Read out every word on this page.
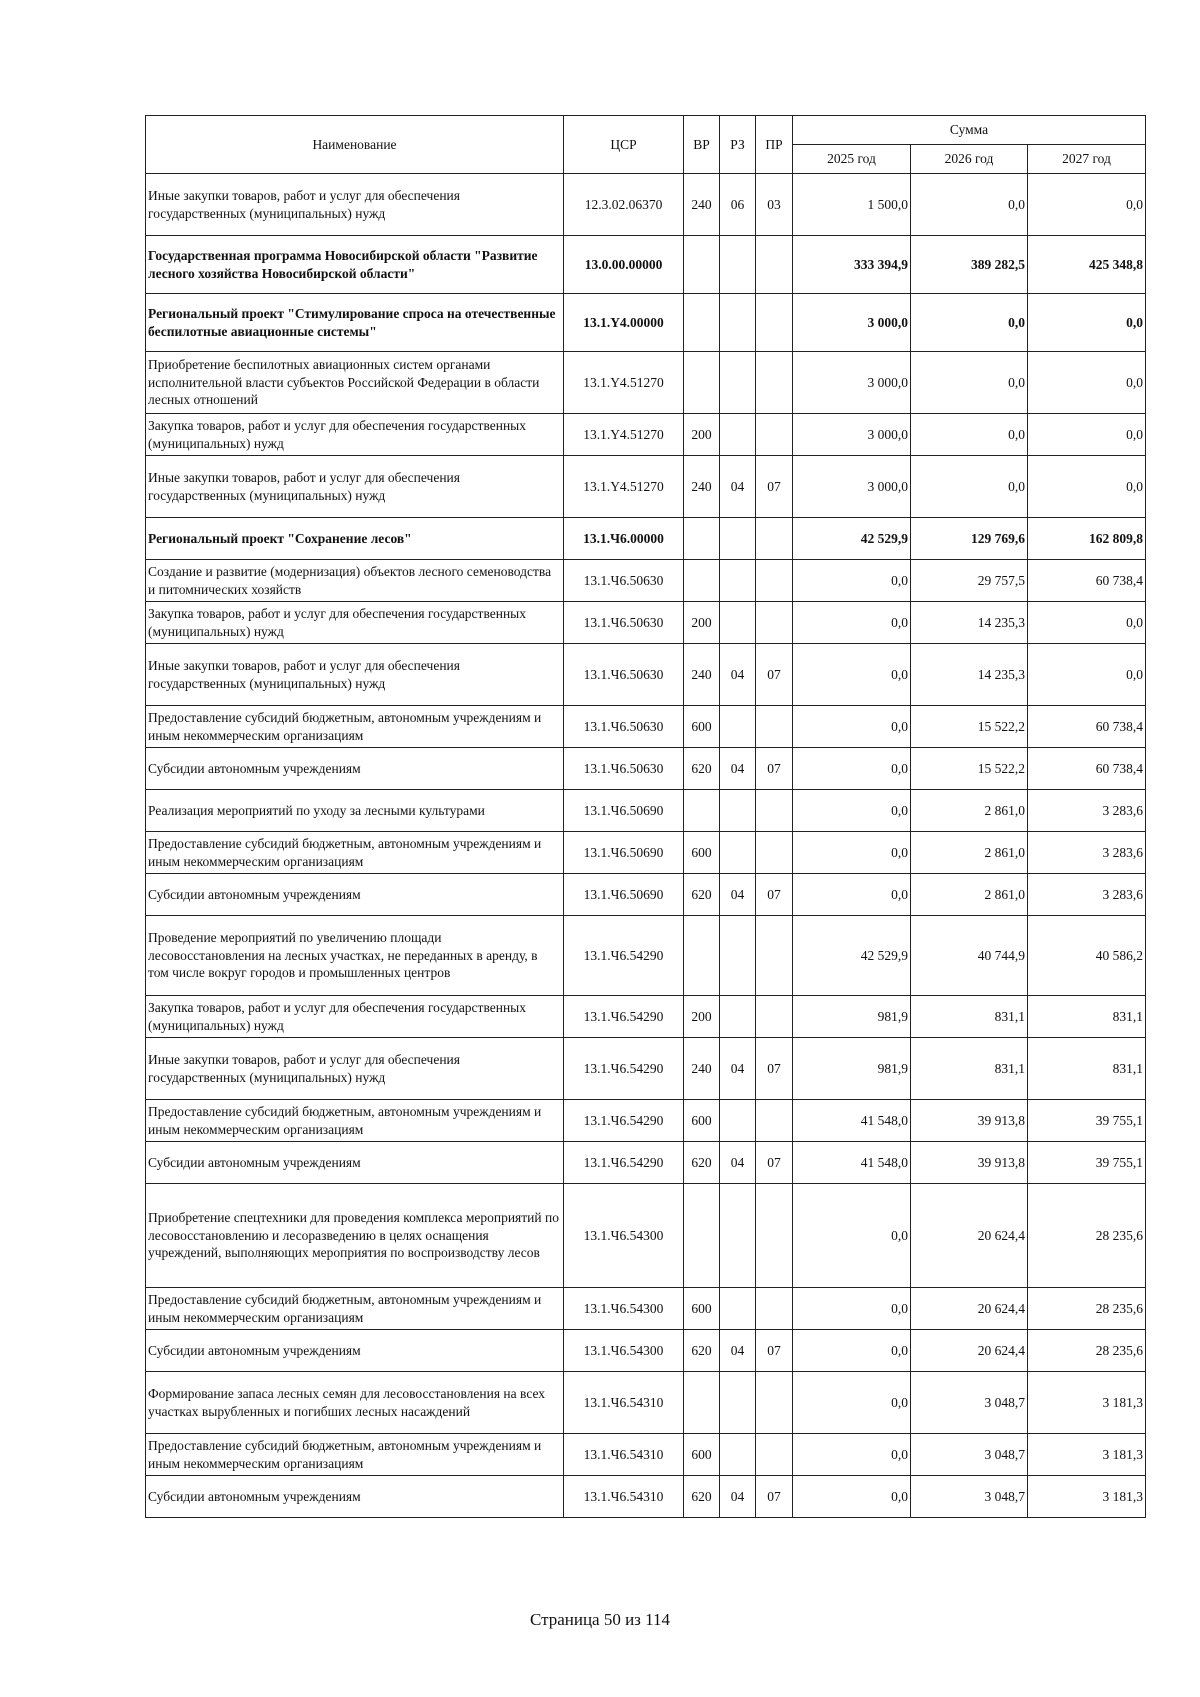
Наименование	ЦСР	ВР	РЗ	ПР	Сумма		
					2025 год	2026 год	2027 год
Иные закупки товаров, работ и услуг для обеспечения государственных (муниципальных) нужд	12.3.02.06370	240	06	03	1 500,0	0,0	0,0
Государственная программа Новосибирской области "Развитие лесного хозяйства Новосибирской области"	13.0.00.00000				333 394,9	389 282,5	425 348,8
Региональный проект "Стимулирование спроса на отечественные беспилотные авиационные системы"	13.1.Y4.00000				3 000,0	0,0	0,0
Приобретение беспилотных авиационных систем органами исполнительной власти субъектов Российской Федерации в области лесных отношений	13.1.Y4.51270				3 000,0	0,0	0,0
Закупка товаров, работ и услуг для обеспечения государственных (муниципальных) нужд	13.1.Y4.51270	200			3 000,0	0,0	0,0
Иные закупки товаров, работ и услуг для обеспечения государственных (муниципальных) нужд	13.1.Y4.51270	240	04	07	3 000,0	0,0	0,0
Региональный проект "Сохранение лесов"	13.1.Ч6.00000				42 529,9	129 769,6	162 809,8
Создание и развитие (модернизация) объектов лесного семеноводства и питомнических хозяйств	13.1.Ч6.50630				0,0	29 757,5	60 738,4
Закупка товаров, работ и услуг для обеспечения государственных (муниципальных) нужд	13.1.Ч6.50630	200			0,0	14 235,3	0,0
Иные закупки товаров, работ и услуг для обеспечения государственных (муниципальных) нужд	13.1.Ч6.50630	240	04	07	0,0	14 235,3	0,0
Предоставление субсидий бюджетным, автономным учреждениям и иным некоммерческим организациям	13.1.Ч6.50630	600			0,0	15 522,2	60 738,4
Субсидии автономным учреждениям	13.1.Ч6.50630	620	04	07	0,0	15 522,2	60 738,4
Реализация мероприятий по уходу за лесными культурами	13.1.Ч6.50690				0,0	2 861,0	3 283,6
Предоставление субсидий бюджетным, автономным учреждениям и иным некоммерческим организациям	13.1.Ч6.50690	600			0,0	2 861,0	3 283,6
Субсидии автономным учреждениям	13.1.Ч6.50690	620	04	07	0,0	2 861,0	3 283,6
Проведение мероприятий по увеличению площади лесовосстановления на лесных участках, не переданных в аренду, в том числе вокруг городов и промышленных центров	13.1.Ч6.54290				42 529,9	40 744,9	40 586,2
Закупка товаров, работ и услуг для обеспечения государственных (муниципальных) нужд	13.1.Ч6.54290	200			981,9	831,1	831,1
Иные закупки товаров, работ и услуг для обеспечения государственных (муниципальных) нужд	13.1.Ч6.54290	240	04	07	981,9	831,1	831,1
Предоставление субсидий бюджетным, автономным учреждениям и иным некоммерческим организациям	13.1.Ч6.54290	600			41 548,0	39 913,8	39 755,1
Субсидии автономным учреждениям	13.1.Ч6.54290	620	04	07	41 548,0	39 913,8	39 755,1
Приобретение спецтехники для проведения комплекса мероприятий по лесовосстановлению и лесоразведению в целях оснащения учреждений, выполняющих мероприятия по воспроизводству лесов	13.1.Ч6.54300				0,0	20 624,4	28 235,6
Предоставление субсидий бюджетным, автономным учреждениям и иным некоммерческим организациям	13.1.Ч6.54300	600			0,0	20 624,4	28 235,6
Субсидии автономным учреждениям	13.1.Ч6.54300	620	04	07	0,0	20 624,4	28 235,6
Формирование запаса лесных семян для лесовосстановления на всех участках вырубленных и погибших лесных насаждений	13.1.Ч6.54310				0,0	3 048,7	3 181,3
Предоставление субсидий бюджетным, автономным учреждениям и иным некоммерческим организациям	13.1.Ч6.54310	600			0,0	3 048,7	3 181,3
Субсидии автономным учреждениям	13.1.Ч6.54310	620	04	07	0,0	3 048,7	3 181,3
Страница 50 из 114
